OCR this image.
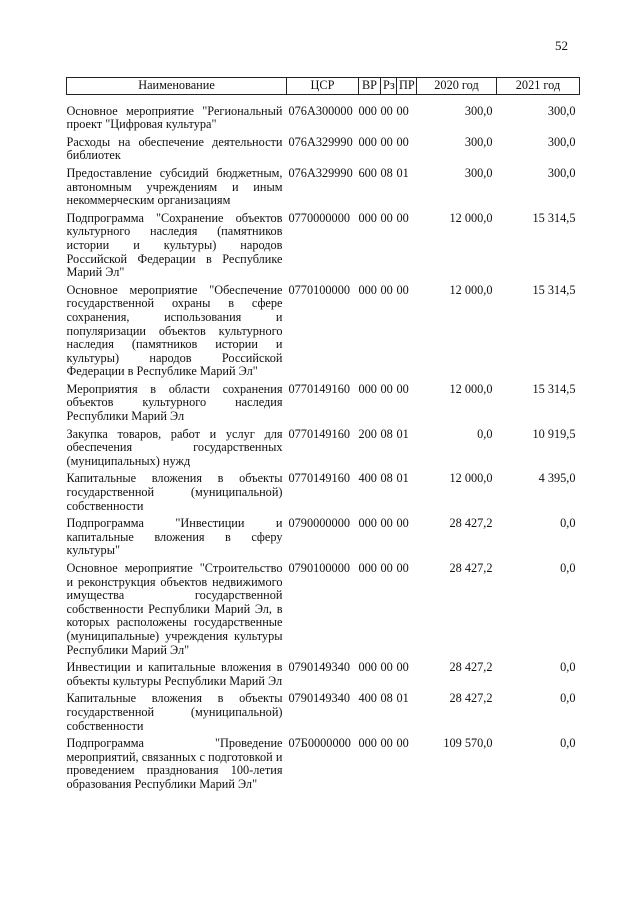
52
Наименование	ЦСР	ВР	Рз	ПР	2020 год	2021 год
Основное мероприятие "Региональный проект "Цифровая культура"	076А300000	000	00	00	300,0	300,0

Расходы на обеспечение деятельности библиотек	076А329990	000	00	00	300,0	300,0

Предоставление субсидий бюджетным, автономным учреждениям и иным некоммерческим организациям	076А329990	600	08	01	300,0	300,0

Подпрограмма "Сохранение объектов культурного наследия (памятников истории и культуры) народов Российской Федерации в Республике Марий Эл"	0770000000	000	00	00	12 000,0	15 314,5

Основное мероприятие "Обеспечение государственной охраны в сфере сохранения, использования и популяризации объектов культурного наследия (памятников истории и культуры) народов Российской Федерации в Республике Марий Эл"	0770100000	000	00	00	12 000,0	15 314,5

Мероприятия в области сохранения объектов культурного наследия Республики Марий Эл	0770149160	000	00	00	12 000,0	15 314,5

Закупка товаров, работ и услуг для обеспечения государственных (муниципальных) нужд	0770149160	200	08	01	0,0	10 919,5

Капитальные вложения в объекты государственной (муниципальной) собственности	0770149160	400	08	01	12 000,0	4 395,0

Подпрограмма "Инвестиции и капитальные вложения в сферу культуры"	0790000000	000	00	00	28 427,2	0,0

Основное мероприятие "Строительство и реконструкция объектов недвижимого имущества государственной собственности Республики Марий Эл, в которых расположены государственные (муниципальные) учреждения культуры Республики Марий Эл"	0790100000	000	00	00	28 427,2	0,0

Инвестиции и капитальные вложения в объекты культуры Республики Марий Эл	0790149340	000	00	00	28 427,2	0,0

Капитальные вложения в объекты государственной (муниципальной) собственности	0790149340	400	08	01	28 427,2	0,0

Подпрограмма "Проведение мероприятий, связанных с подготовкой и проведением празднования 100-летия образования Республики Марий Эл"	07Б0000000	000	00	00	109 570,0	0,0
